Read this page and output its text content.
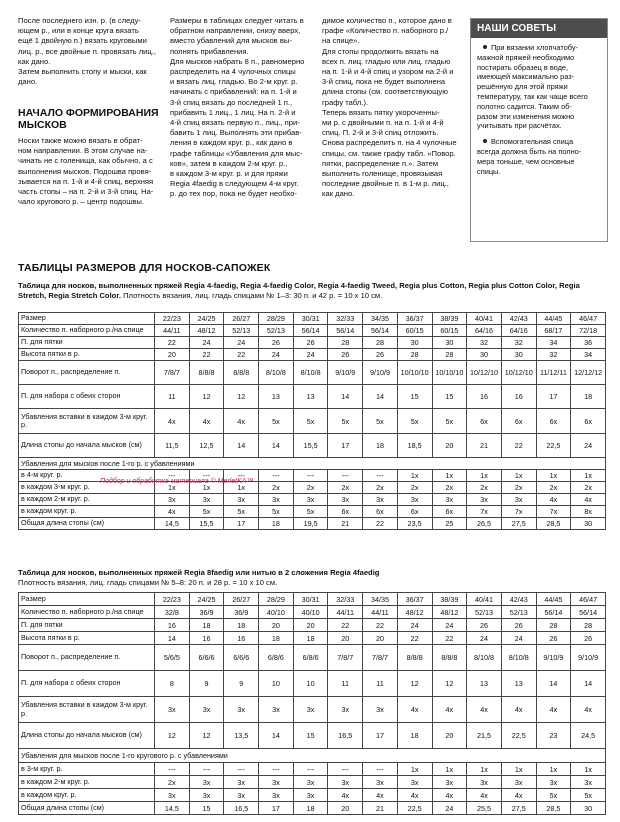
После последнего изн. р. (в следу-
ющем р., или в конце круга вязать
ещё 1 двойную п.) вязать круговыми
лиц. р., все двойные п. провязать лиц.,
как дано.
Затем выполнить стопу и мыски, как
дано.
НАЧАЛО ФОРМИРОВАНИЯ
МЫСКОВ
Носки также можно вязать в обрат-
ном направлении. В этом случае на-
чинать не с голенища, как обычно, а с
выполнения мысков. Подошва провя-
зывается на п. 1-й и 4-й спиц, верхняя
часть стопы – на п. 2-й и 3-й спиц. На-
чало кругового р. – центр подошвы.
Размеры в таблицах следует читать в
обратном направлении, снизу вверх,
вместо убавлений для мысков вы-
полнять прибавления.
Для мысков набрать 8 п., равномерно
распределить на 4 чулочных спицы
и вязать лиц. гладью. Во 2-м круг. р.
начинать с прибавлений: на п. 1-й и
3-й спиц вязать до последней 1 п.,
прибавить 1 лиц., 1 лиц. На п. 2-й и
4-й спиц вязать первую п., лиц., при-
бавить 1 лиц. Выполнять эти прибав-
ления в каждом круг. р., как дано в
графе таблицы «Убавления для мыс-
ков», затем в каждом 2-м круг. р.,
в каждом 3-м круг. р. и для пряжи
Regia 4faedig в следующем 4-м круг.
р. до тех пор, пока не будет необхо-
димое количество п., которое дано в
графе «Количество п. наборного р./
на спице».
Для стопы продолжить вязать на
всех п. лиц. гладью или лиц. гладью
на п. 1-й и 4-й спиц и узором на 2-й и
3-й спиц, пока не будет выполнена
длина стопы (см. соответствующую
графу табл.).
Теперь вязать пятку укороченны-
ми р. с двойными п. на п. 1-й и 4-й
спиц. П. 2-й и 3-й спиц отложить.
Снова распределить п. на 4 чулочные
спицы, см. также графу табл. «Повор.
пятки, распределение п.». Затем
выполнить голенище, провязывая
последние двойные п. в 1-м р. лиц.,
как дано.
НАШИ СОВЕТЫ
При вязании хлопчатобу-
мажной пряжей необходимо
постирать образец в воде,
имеющей максимально раз-
решённую для этой пряжи
температуру, так как чаще всего
полотно садится. Таким об-
разом эти изменения можно
учитывать при расчётах.
Вспомогательная спица
всегда должна быть на полно-
мера тоньше, чем основные
спицы.
ТАБЛИЦЫ РАЗМЕРОВ ДЛЯ НОСКОВ-САПОЖЕК
Таблица для носков, выполненных пряжей Regia 4-faedig, Regia 4-faedig Color, Regia 4-faedig Tweed, Regia plus Cotton, Regia plus Cotton Color, Regia Stretch, Regia Stretch Color. Плотность вязания, лиц. гладь спицами № 1–3: 30 п. и 42 р. = 10 х 10 см.
Размер	22/23	24/25	26/27	28/29	30/31	32/33	34/35	36/37	38/39	40/41	42/43	44/45	46/47
Количество п. наборного р./на спице	44/11	48/12	52/13	52/13	56/14	56/14	56/14	60/15	60/15	64/16	64/16	68/17	72/18
П. для пятки	22	24	24	26	26	28	28	30	30	32	32	34	36
Высота пятки в р.	20	22	22	24	24	26	26	28	28	30	30	32	34
Поворот п., распределение п.	7/8/7	8/8/8	8/8/8	8/10/8	8/10/8	9/10/9	9/10/9	10/10/10	10/10/10	10/12/10	10/12/10	11/12/11	12/12/12
П. для набора с обеих сторон	11	12	12	13	13	14	14	15	15	16	16	17	18
Убавления вставки в каждом 3-м круг. р.	4x	4x	4x	5x	5x	5x	5x	5x	5x	6x	6x	6x	6x
Длина стопы до начала мысков (см)	11,5	12,5	14	14	15,5	17	18	18,5	20	21	22	22,5	24
Убавления для мысков после 1-го р. с убавлениями													
в 4-м круг. р.	---	---	---	---	---	---	---	1x	1x	1x	1x	1x	1x
в каждом 3-м круг. р.	1x	1x	1x	2x	2x	2x	2x	2x	2x	2x	2x	2x	2x
в каждом 2-м круг. р.	3x	3x	3x	3x	3x	3x	3x	3x	3x	3x	3x	4x	4x
в каждом круг. р.	4x	5x	5x	5x	5x	6x	6x	6x	6x	7x	7x	7x	8x
Общая длина стопы (см)	14,5	15,5	17	18	19,5	21	22	23,5	25	26,5	27,5	28,5	30
Подбор и обработка материала © MerletKA™
Таблица для носков, выполненных пряжей Regia 8faedig или нитью в 2 сложения Regia 4faedig
Плотность вязания, лиц. гладь спицами № 5–8: 20 п. и 28 р. = 10 х 10 см.
Размер	22/23	24/25	26/27	28/29	30/31	32/33	34/35	36/37	38/39	40/41	42/43	44/45	46/47
Количество п. наборного р./на спице	32/8	36/9	36/9	40/10	40/10	44/11	44/11	48/12	48/12	52/13	52/13	56/14	56/14
П. для пятки	16	18	18	20	20	22	22	24	24	26	26	28	28
Высота пятки в р.	14	16	16	18	18	20	20	22	22	24	24	26	26
Поворот п., распределение п.	5/6/5	6/6/6	6/6/6	6/8/6	6/8/6	7/8/7	7/8/7	8/8/8	8/8/8	8/10/8	8/10/8	9/10/9	9/10/9
П. для набора с обеих сторон	8	9	9	10	10	11	11	12	12	13	13	14	14
Убавления вставки в каждом 3-м круг. р.	3x	3x	3x	3x	3x	3x	3x	4x	4x	4x	4x	4x	4x
Длина стопы до начала мысков (см)	12	12	13,5	14	15	16,5	17	18	20	21,5	22,5	23	24,5
Убавления для мысков после 1-го кругового р. с убавлениями													
в 3-м круг. р.	---	---	---	---	---	---	---	1x	1x	1x	1x	1x	1x
в каждом 2-м круг. р.	2x	3x	3x	3x	3x	3x	3x	3x	3x	3x	3x	3x	3x
в каждом круг. р.	3x	3x	3x	3x	3x	4x	4x	4x	4x	4x	4x	5x	5x
Общая длина стопы (см)	14,5	15	16,5	17	18	20	21	22,5	24	25,5	27,5	28,5	30
